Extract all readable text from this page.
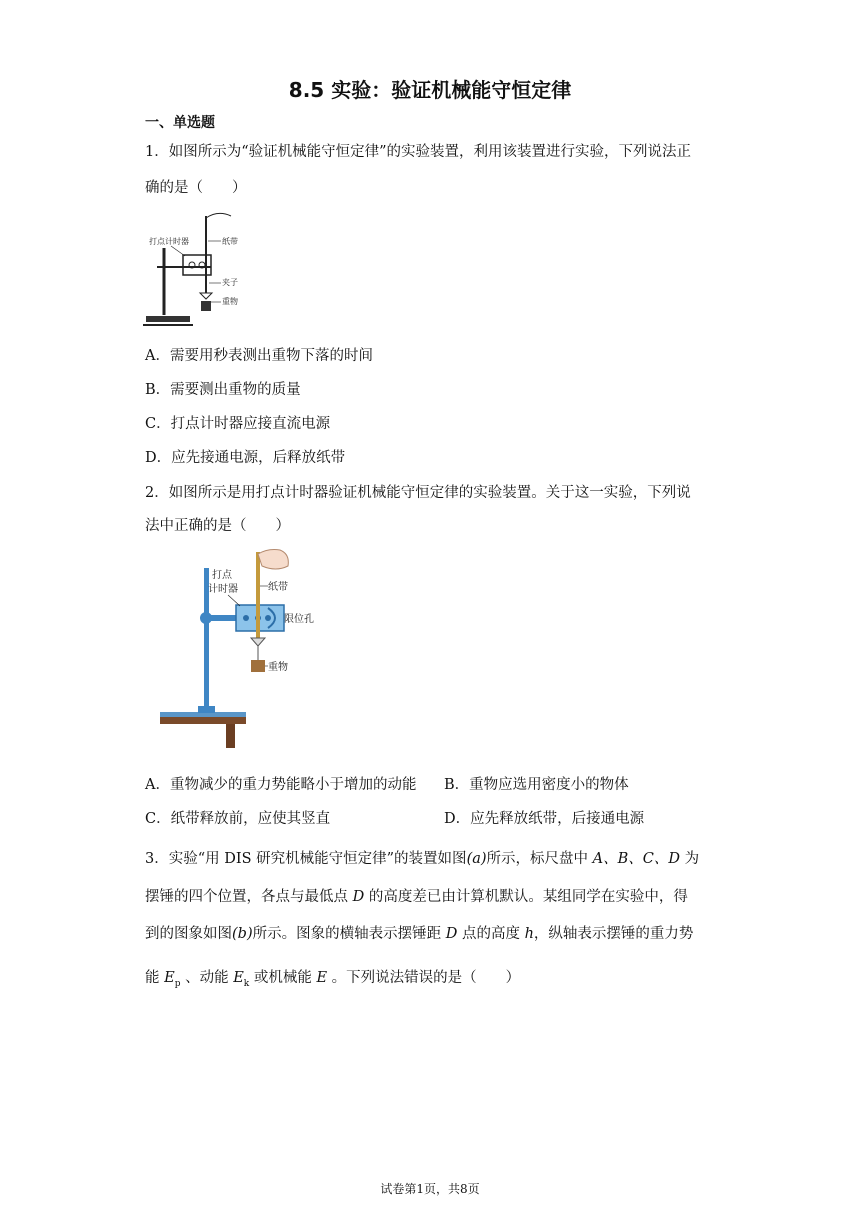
8.5 实验：验证机械能守恒定律
一、单选题
1．如图所示为“验证机械能守恒定律”的实验装置，利用该装置进行实验，下列说法正
确的是（　　）
打点计时器	纸带
夹子
重物
A．需要用秒表测出重物下落的时间
B．需要测出重物的质量
C．打点计时器应接直流电源
D．应先接通电源，后释放纸带
2．如图所示是用打点计时器验证机械能守恒定律的实验装置。关于这一实验，下列说
法中正确的是（　　）
打点
计时器	纸带
限位孔
重物
A．重物减少的重力势能略小于增加的动能 B．重物应选用密度小的物体
C．纸带释放前，应使其竖直	D．应先释放纸带，后接通电源
3．实验“用 DIS 研究机械能守恒定律”的装置如图(a)所示，标尺盘中 A、B、C、D 为
摆锤的四个位置，各点与最低点 D 的高度差已由计算机默认。某组同学在实验中，得
到的图象如图(b)所示。图象的横轴表示摆锤距 D 点的高度 h，纵轴表示摆锤的重力势
能 $E_p$ 、动能 $E_k$ 或机械能 E 。下列说法错误的是（　　）
试卷第1页，共8页
